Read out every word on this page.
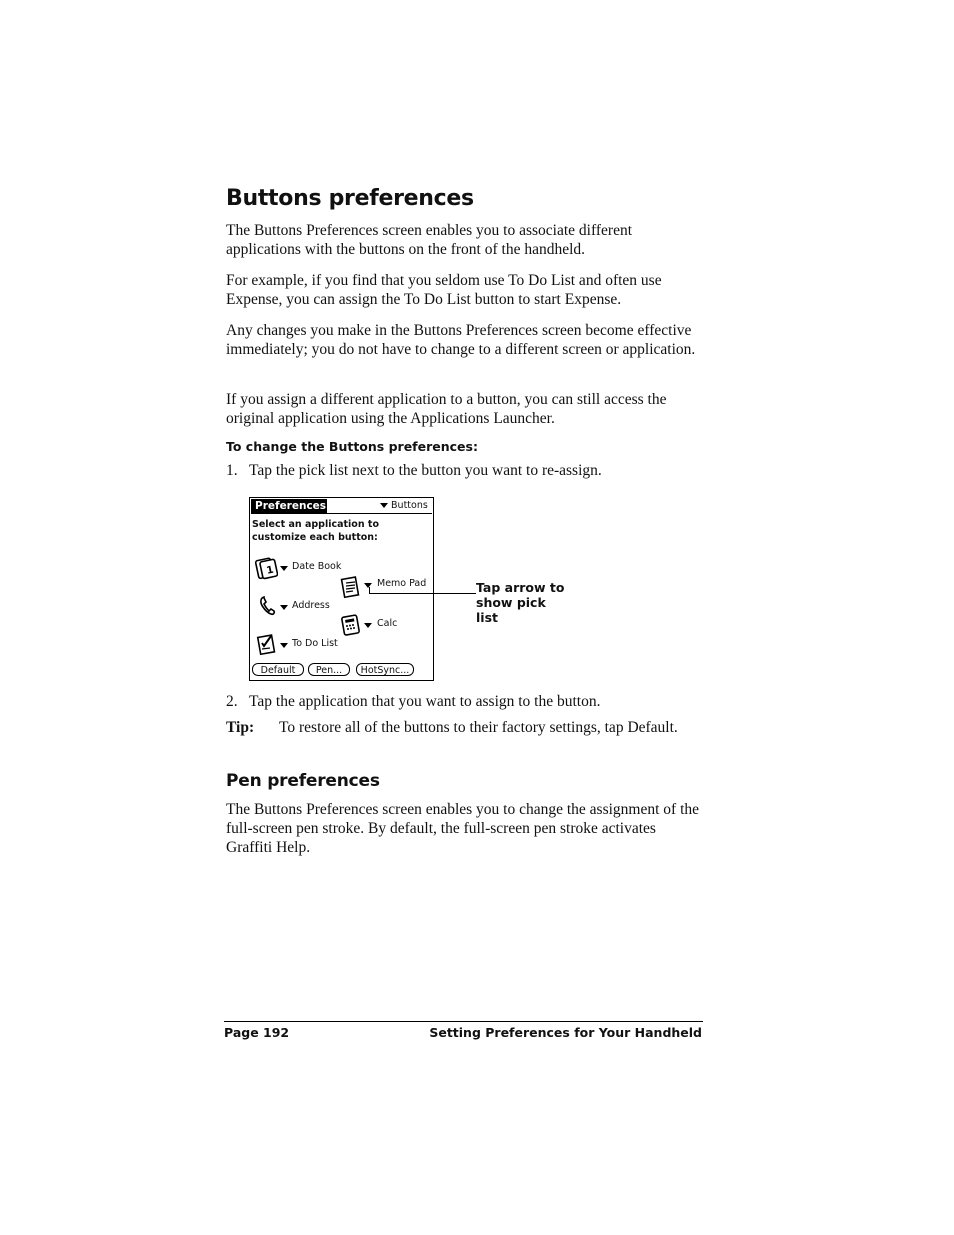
Buttons preferences

The Buttons Preferences screen enables you to associate different applications with the buttons on the front of the handheld.

For example, if you find that you seldom use To Do List and often use Expense, you can assign the To Do List button to start Expense.

Any changes you make in the Buttons Preferences screen become effective immediately; you do not have to change to a different screen or application.

If you assign a different application to a button, you can still access the original application using the Applications Launcher.

To change the Buttons preferences:

1. Tap the pick list next to the button you want to re-assign.
Preferences	Buttons
Select an application to customize each button:
1 Date Book
Memo Pad
Address
Calc
To Do List
Default	Pen...	HotSync...
Tap arrow to show pick list
2. Tap the application that you want to assign to the button.
Tip: To restore all of the buttons to their factory settings, tap Default.
Pen preferences

The Buttons Preferences screen enables you to change the assignment of the full-screen pen stroke. By default, the full-screen pen stroke activates Graffiti Help.

Page 192	Setting Preferences for Your Handheld
